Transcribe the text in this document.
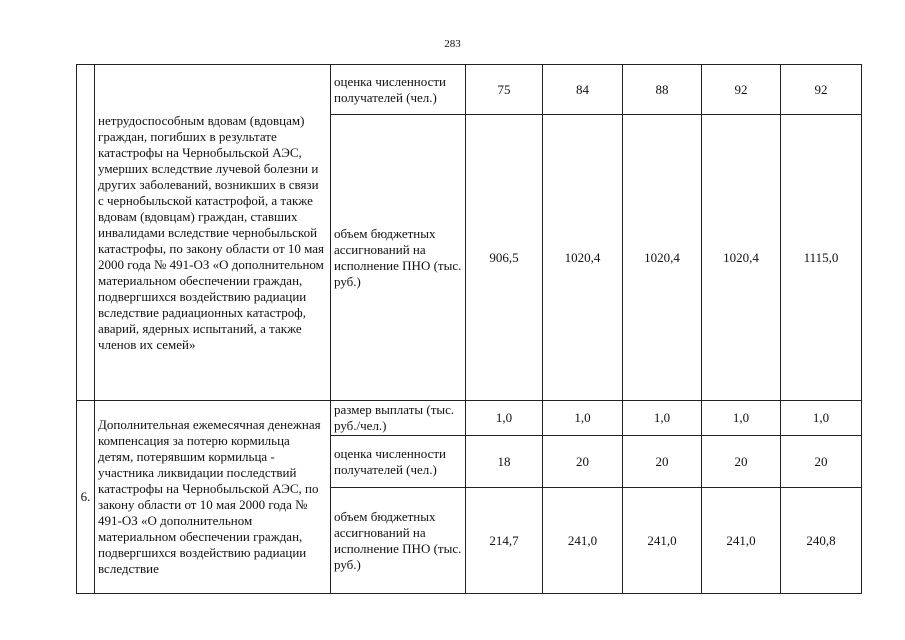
283
	нетрудоспособным вдовам (вдовцам) граждан, погибших в результате катастрофы на Чернобыльской АЭС, умерших вследствие лучевой болезни и других заболеваний, возникших в связи с чернобыльской катастрофой, а также вдовам (вдовцам) граждан, ставших инвалидами вследствие чернобыльской катастрофы, по закону области от 10 мая 2000 года № 491-ОЗ «О дополнительном материальном обеспечении граждан, подвергшихся воздействию радиации вследствие радиационных катастроф, аварий, ядерных испытаний, а также членов их семей»	оценка численности получателей (чел.)	75	84	88	92	92
		объем бюджетных ассигнований на исполнение ПНО (тыс. руб.)	906,5	1020,4	1020,4	1020,4	1115,0
6.	Дополнительная ежемесячная денежная компенсация за потерю кормильца детям, потерявшим кормильца - участника ликвидации последствий катастрофы на Чернобыльской АЭС, по закону области от 10 мая 2000 года № 491-ОЗ «О дополнительном материальном обеспечении граждан, подвергшихся воздействию радиации вследствие	размер выплаты (тыс. руб./чел.)	1,0	1,0	1,0	1,0	1,0
		оценка численности получателей (чел.)	18	20	20	20	20
		объем бюджетных ассигнований на исполнение ПНО (тыс. руб.)	214,7	241,0	241,0	241,0	240,8
